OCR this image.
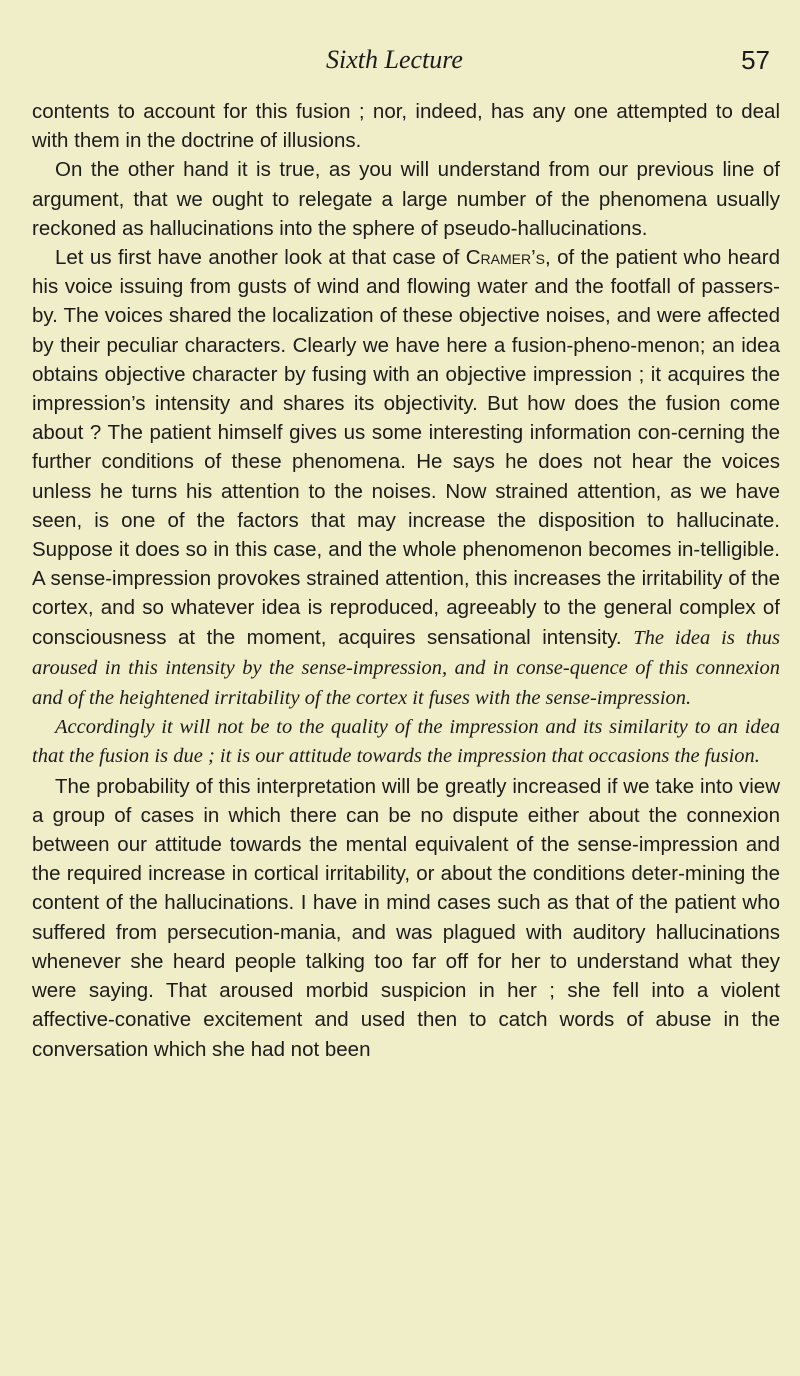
Sixth Lecture	57

contents to account for this fusion ; nor, indeed, has any one attempted to deal with them in the doctrine of illusions.

On the other hand it is true, as you will understand from our previous line of argument, that we ought to relegate a large number of the phenomena usually reckoned as hallucinations into the sphere of pseudo-hallucinations.

Let us first have another look at that case of Cramer’s, of the patient who heard his voice issuing from gusts of wind and flowing water and the footfall of passers-by. The voices shared the localization of these objective noises, and were affected by their peculiar characters. Clearly we have here a fusion-pheno-menon; an idea obtains objective character by fusing with an objective impression ; it acquires the impression’s intensity and shares its objectivity. But how does the fusion come about ? The patient himself gives us some interesting information con-cerning the further conditions of these phenomena. He says he does not hear the voices unless he turns his attention to the noises. Now strained attention, as we have seen, is one of the factors that may increase the disposition to hallucinate. Suppose it does so in this case, and the whole phenomenon becomes in-telligible. A sense-impression provokes strained attention, this increases the irritability of the cortex, and so whatever idea is reproduced, agreeably to the general complex of consciousness at the moment, acquires sensational intensity. The idea is thus aroused in this intensity by the sense-impression, and in conse-quence of this connexion and of the heightened irritability of the cortex it fuses with the sense-impression.

Accordingly it will not be to the quality of the impression and its similarity to an idea that the fusion is due ; it is our attitude towards the impression that occasions the fusion.

The probability of this interpretation will be greatly increased if we take into view a group of cases in which there can be no dispute either about the connexion between our attitude towards the mental equivalent of the sense-impression and the required increase in cortical irritability, or about the conditions deter-mining the content of the hallucinations. I have in mind cases such as that of the patient who suffered from persecution-mania, and was plagued with auditory hallucinations whenever she heard people talking too far off for her to understand what they were saying. That aroused morbid suspicion in her ; she fell into a violent affective-conative excitement and used then to catch words of abuse in the conversation which she had not been
